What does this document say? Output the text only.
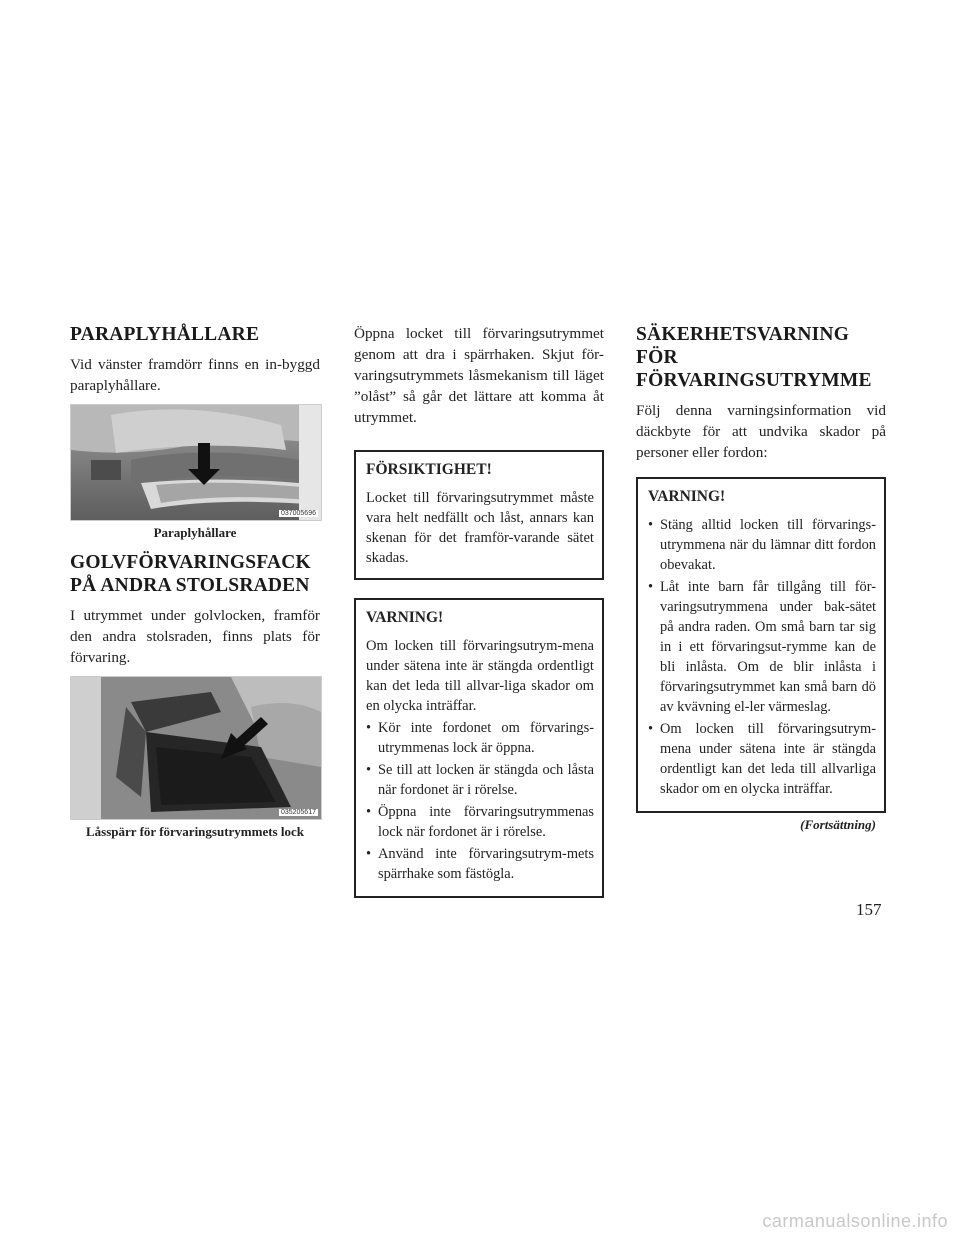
PARAPLYHÅLLARE

Vid vänster framdörr finns en in-byggd paraplyhållare.

037005696
Paraplyhållare
GOLVFÖRVARINGSFACK PÅ ANDRA STOLSRADEN

I utrymmet under golvlocken, framför den andra stolsraden, finns plats för förvaring.

035205617
Låsspärr för förvaringsutrymmets lock

Öppna locket till förvaringsutrymmet genom att dra i spärrhaken. Skjut för-varingsutrymmets låsmekanism till läget ”olåst” så går det lättare att komma åt utrymmet.

FÖRSIKTIGHET!

Locket till förvaringsutrymmet måste vara helt nedfällt och låst, annars kan skenan för det framför-varande sätet skadas.

VARNING!

Om locken till förvaringsutrym-mena under sätena inte är stängda ordentligt kan det leda till allvar-liga skador om en olycka inträffar.

• Kör inte fordonet om förvarings-utrymmenas lock är öppna.
• Se till att locken är stängda och låsta när fordonet är i rörelse.
• Öppna inte förvaringsutrymmenas lock när fordonet är i rörelse.
• Använd inte förvaringsutrym-mets spärrhake som fästögla.
SÄKERHETSVARNING FÖR FÖRVARINGSUTRYMME

Följ denna varningsinformation vid däckbyte för att undvika skador på personer eller fordon:

VARNING!
• Stäng alltid locken till förvarings-utrymmena när du lämnar ditt fordon obevakat.
• Låt inte barn får tillgång till för-varingsutrymmena under bak-sätet på andra raden. Om små barn tar sig in i ett förvaringsut-rymme kan de bli inlåsta. Om de blir inlåsta i förvaringsutrymmet kan små barn dö av kvävning el-ler värmeslag.
• Om locken till förvaringsutrym-mena under sätena inte är stängda ordentligt kan det leda till allvarliga skador om en olycka inträffar.
(Fortsättning)
157
carmanualsonline.info
